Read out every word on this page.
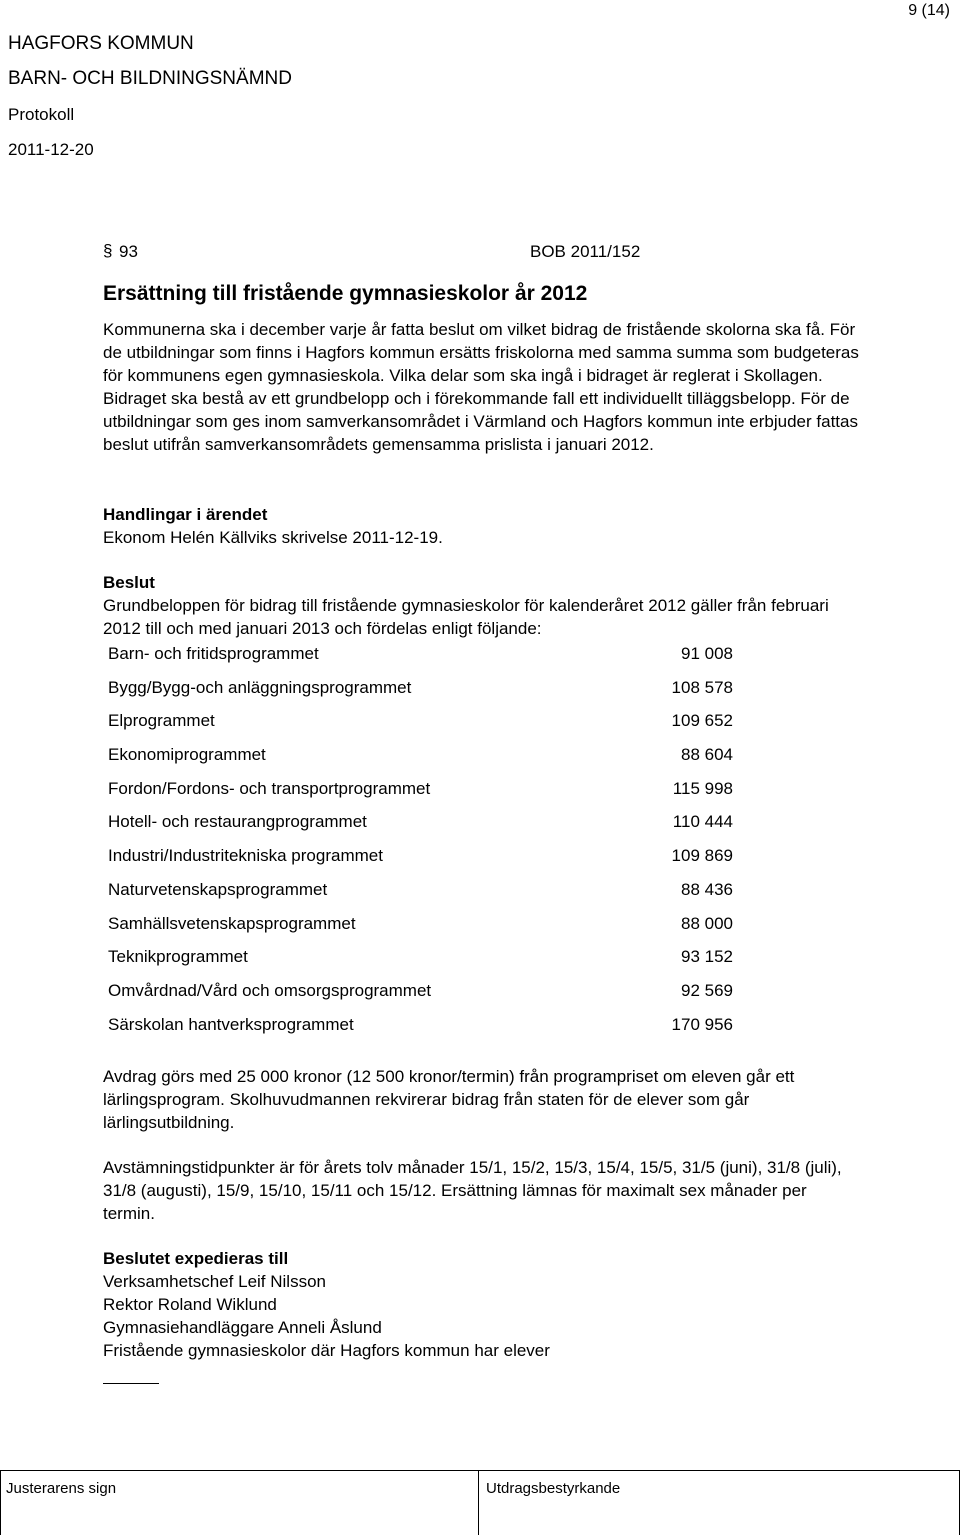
9 (14)
HAGFORS KOMMUN
BARN- OCH BILDNINGSNÄMND
Protokoll
2011-12-20
§ 93	BOB 2011/152
Ersättning till fristående gymnasieskolor år 2012

Kommunerna ska i december varje år fatta beslut om vilket bidrag de fristående skolorna ska få. För de utbildningar som finns i Hagfors kommun ersätts friskolorna med samma summa som budgeteras för kommunens egen gymnasieskola. Vilka delar som ska ingå i bidraget är reglerat i Skollagen. Bidraget ska bestå av ett grundbelopp och i förekommande fall ett individuellt tilläggsbelopp. För de utbildningar som ges inom samverkansområdet i Värmland och Hagfors kommun inte erbjuder fattas beslut utifrån samverkansområdets gemensamma prislista i januari 2012.

Handlingar i ärendet

Ekonom Helén Källviks skrivelse 2011-12-19.

Beslut

Grundbeloppen för bidrag till fristående gymnasieskolor för kalenderåret 2012 gäller från februari 2012 till och med januari 2013 och fördelas enligt följande:

Barn- och fritidsprogrammet	91 008
Bygg/Bygg-och anläggningsprogrammet	108 578
Elprogrammet	109 652
Ekonomiprogrammet	88 604
Fordon/Fordons- och transportprogrammet	115 998
Hotell- och restaurangprogrammet	110 444
Industri/Industritekniska programmet	109 869
Naturvetenskapsprogrammet	88 436
Samhällsvetenskapsprogrammet	88 000
Teknikprogrammet	93 152
Omvårdnad/Vård och omsorgsprogrammet	92 569
Särskolan hantverksprogrammet	170 956

Avdrag görs med 25 000 kronor (12 500 kronor/termin) från programpriset om eleven går ett lärlingsprogram. Skolhuvudmannen rekvirerar bidrag från staten för de elever som går lärlingsutbildning.

Avstämningstidpunkter är för årets tolv månader 15/1, 15/2, 15/3, 15/4, 15/5, 31/5 (juni), 31/8 (juli), 31/8 (augusti), 15/9, 15/10, 15/11 och 15/12. Ersättning lämnas för maximalt sex månader per termin.

Beslutet expedieras till
Verksamhetschef Leif Nilsson
Rektor Roland Wiklund
Gymnasiehandläggare Anneli Åslund
Fristående gymnasieskolor där Hagfors kommun har elever
Justerarens sign	Utdragsbestyrkande
